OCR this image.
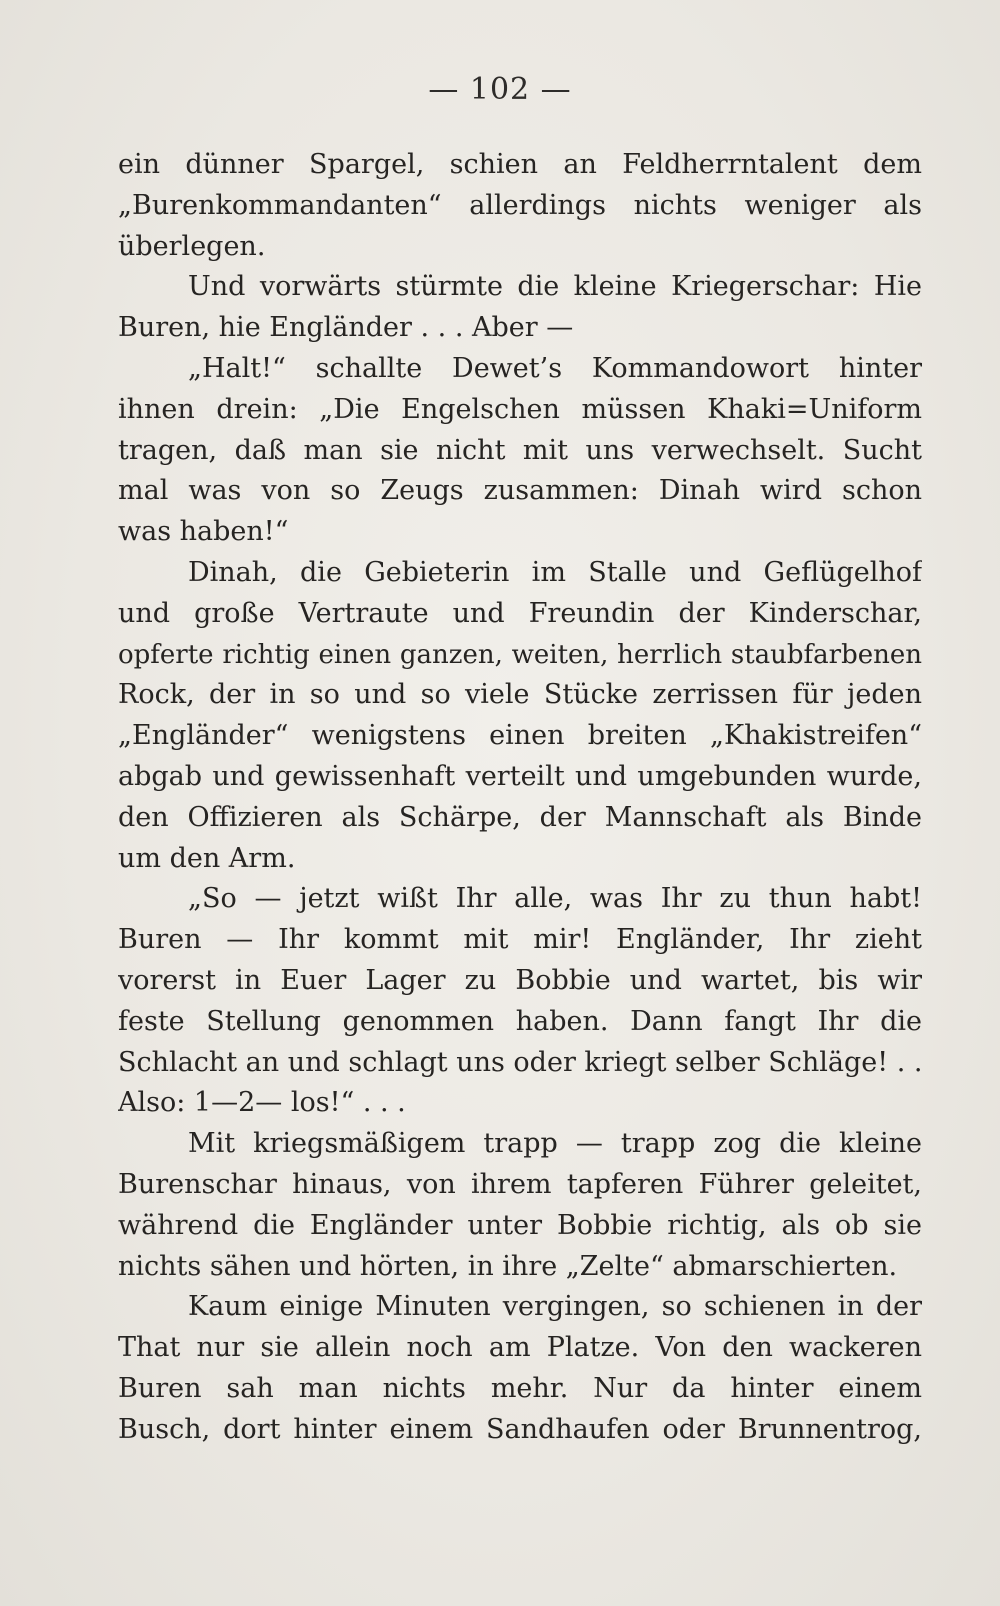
— 102 —
ein dünner Spargel, schien an Feldherrntalent dem
„Burenkommandanten“ allerdings nichts weniger als
überlegen.
Und vorwärts stürmte die kleine Kriegerschar: Hie
Buren, hie Engländer . . . Aber —
„Halt!“ schallte Dewet’s Kommandowort hinter
ihnen drein: „Die Engelschen müssen Khaki=Uniform
tragen, daß man sie nicht mit uns verwechselt. Sucht
mal was von so Zeugs zusammen: Dinah wird schon
was haben!“
Dinah, die Gebieterin im Stalle und Geflügelhof
und große Vertraute und Freundin der Kinderschar,
opferte richtig einen ganzen, weiten, herrlich staubfarbenen
Rock, der in so und so viele Stücke zerrissen für jeden
„Engländer“ wenigstens einen breiten „Khakistreifen“
abgab und gewissenhaft verteilt und umgebunden wurde,
den Offizieren als Schärpe, der Mannschaft als Binde
um den Arm.
„So — jetzt wißt Ihr alle, was Ihr zu thun habt!
Buren — Ihr kommt mit mir! Engländer, Ihr zieht
vorerst in Euer Lager zu Bobbie und wartet, bis wir
feste Stellung genommen haben. Dann fangt Ihr die
Schlacht an und schlagt uns oder kriegt selber Schläge! . .
Also: 1—2— los!“ . . .
Mit kriegsmäßigem trapp — trapp zog die kleine
Burenschar hinaus, von ihrem tapferen Führer geleitet,
während die Engländer unter Bobbie richtig, als ob sie
nichts sähen und hörten, in ihre „Zelte“ abmarschierten.
Kaum einige Minuten vergingen, so schienen in der
That nur sie allein noch am Platze. Von den wackeren
Buren sah man nichts mehr. Nur da hinter einem
Busch, dort hinter einem Sandhaufen oder Brunnentrog,
